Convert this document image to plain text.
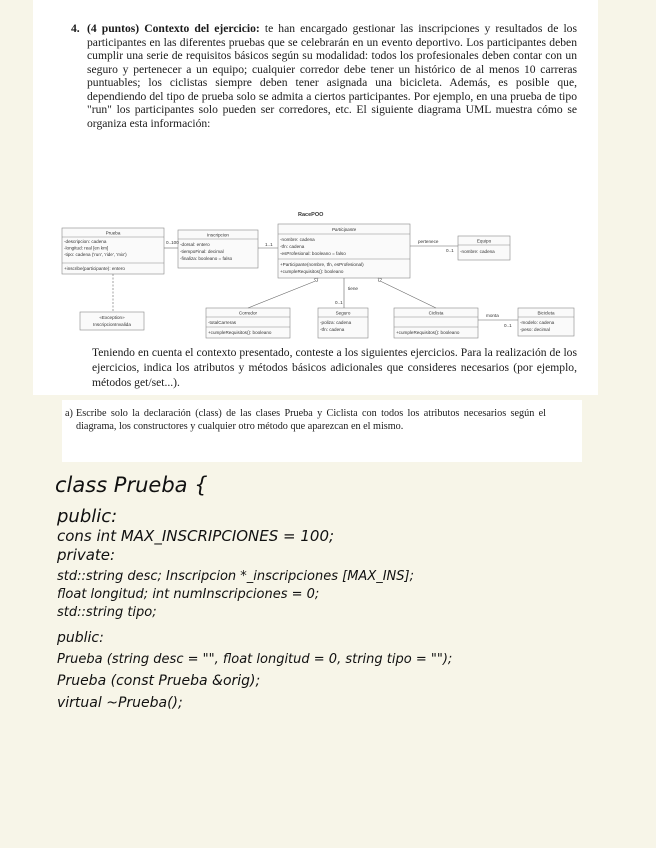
4. (4 puntos) Contexto del ejercicio: te han encargado gestionar las inscripciones y resultados de los participantes en las diferentes pruebas que se celebrarán en un evento deportivo. Los participantes deben cumplir una serie de requisitos básicos según su modalidad: todos los profesionales deben contar con un seguro y pertenecer a un equipo; cualquier corredor debe tener un histórico de al menos 10 carreras puntuables; los ciclistas siempre deben tener asignada una bicicleta. Además, es posible que, dependiendo del tipo de prueba solo se admita a ciertos participantes. Por ejemplo, en una prueba de tipo "run" los participantes solo pueden ser corredores, etc. El siguiente diagrama UML muestra cómo se organiza esta información:
RacePOO
Prueba
-descripcion: cadena
-longitud: real [en km]
-tipo: cadena ('run', 'ride', 'mix')
+inscribe(participante): entero
Inscripcion
-dorsal: entero
-tiempoFinal: decimal
-finaliza: booleano = falso
Participante
-nombre: cadena
-tfn: cadena
-esProfesional: booleano = falso
+Participante(nombre, tfn, esProfesional)
+cumpleRequisitos(): booleano
Equipo
-nombre: cadena
«Exception»
InscripcionInvalida
Corredor
-totalCarreras
+cumpleRequisitos(): booleano
Seguro
-poliza: cadena
-tfn: cadena
Ciclista
+cumpleRequisitos(): booleano
Bicicleta
-modelo: cadena
-peso: decimal
0..100	1..1
pertenece
0..1
tiene
0..1
monta
0..1
Teniendo en cuenta el contexto presentado, conteste a los siguientes ejercicios. Para la realización de los ejercicios, indica los atributos y métodos básicos adicionales que consideres necesarios (por ejemplo, métodos get/set...).
a) Escribe solo la declaración (class) de las clases Prueba y Ciclista con todos los atributos necesarios según el diagrama, los constructores y cualquier otro método que aparezcan en el mismo.
class Prueba {
public:
cons int MAX_INSCRIPCIONES = 100;
private:
std::string desc; Inscripcion *_inscripciones [MAX_INS];
float longitud; int numInscripciones = 0;
std::string tipo;
public:
Prueba (string desc = "", float longitud = 0, string tipo = "");
Prueba (const Prueba &orig);
virtual ~Prueba();
